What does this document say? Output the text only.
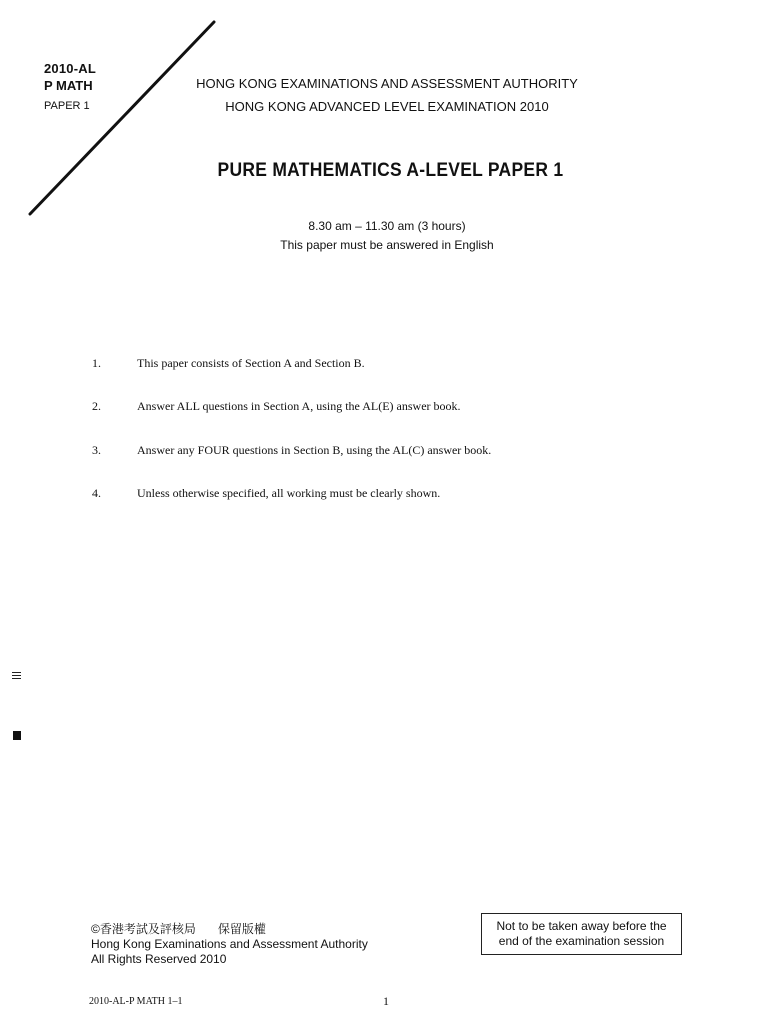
2010-AL
P MATH
PAPER 1
HONG KONG EXAMINATIONS AND ASSESSMENT AUTHORITY
HONG KONG ADVANCED LEVEL EXAMINATION 2010
PURE MATHEMATICS A-LEVEL PAPER 1
8.30 am – 11.30 am (3 hours)
This paper must be answered in English
1.	This paper consists of Section A and Section B.
2.	Answer ALL questions in Section A, using the AL(E) answer book.
3.	Answer any FOUR questions in Section B, using the AL(C) answer book.
4.	Unless otherwise specified, all working must be clearly shown.
©香港考試及評核局 保留版權
Hong Kong Examinations and Assessment Authority
All Rights Reserved 2010
Not to be taken away before the
end of the examination session
2010-AL-P MATH 1–1	1
